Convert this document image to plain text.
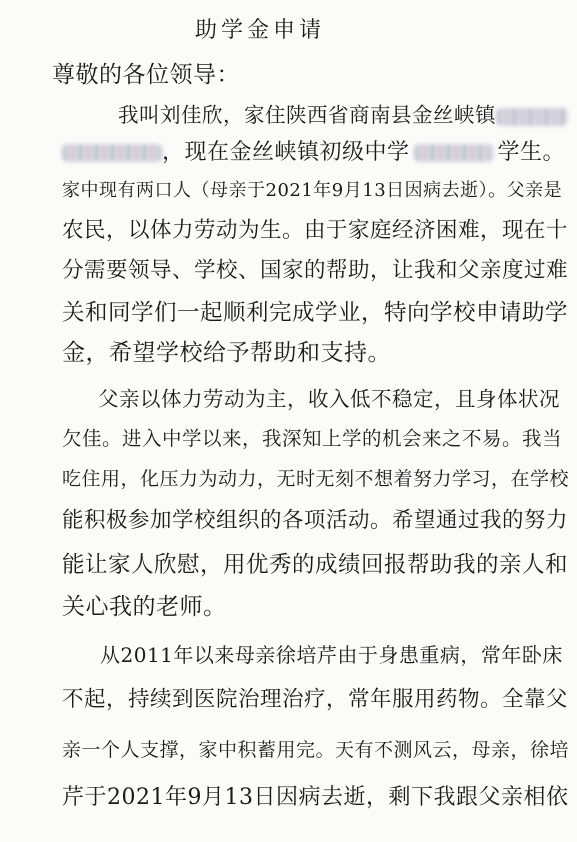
助学金申请
尊敬的各位领导：
我叫刘佳欣，家住陕西省商南县金丝峡镇
，现在金丝峡镇初级中学	学生。
家中现有两口人（母亲于2021年9月13日因病去逝）。父亲是
农民，以体力劳动为生。由于家庭经济困难，现在十
分需要领导、学校、国家的帮助，让我和父亲度过难
关和同学们一起顺利完成学业，特向学校申请助学
金，希望学校给予帮助和支持。
父亲以体力劳动为主，收入低不稳定，且身体状况
欠佳。进入中学以来，我深知上学的机会来之不易。我当
吃住用，化压力为动力，无时无刻不想着努力学习，在学校
能积极参加学校组织的各项活动。希望通过我的努力
能让家人欣慰，用优秀的成绩回报帮助我的亲人和
关心我的老师。
从2011年以来母亲徐培芹由于身患重病，常年卧床
不起，持续到医院治理治疗，常年服用药物。全靠父
亲一个人支撑，家中积蓄用完。天有不测风云，母亲，徐培
芹于2021年9月13日因病去逝，剩下我跟父亲相依
